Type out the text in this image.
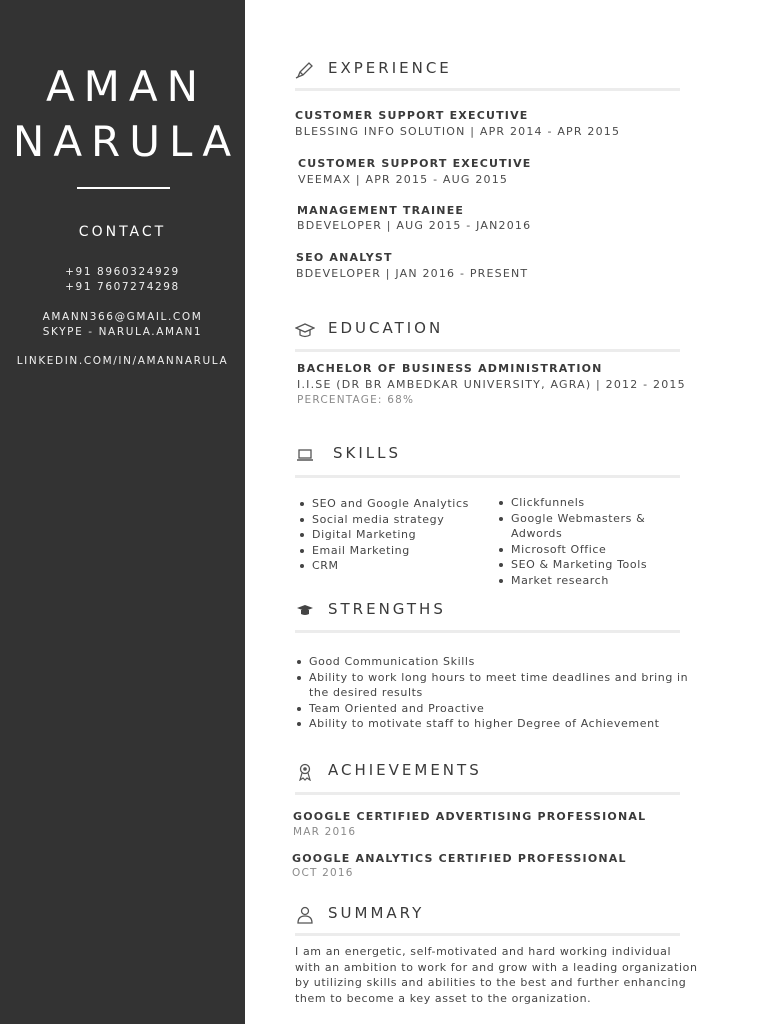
AMAN
NARULA
CONTACT
+91 8960324929
+91 7607274298
AMANN366@GMAIL.COM
SKYPE - NARULA.AMAN1
LINKEDIN.COM/IN/AMANNARULA
EXPERIENCE
CUSTOMER SUPPORT EXECUTIVE
BLESSING INFO SOLUTION | APR 2014 - APR 2015
CUSTOMER SUPPORT EXECUTIVE
VEEMAX | APR 2015 - AUG 2015
MANAGEMENT TRAINEE
BDEVELOPER | AUG 2015 - JAN2016
SEO ANALYST
BDEVELOPER | JAN 2016 - PRESENT
EDUCATION
BACHELOR OF BUSINESS ADMINISTRATION
I.I.SE (DR BR AMBEDKAR UNIVERSITY, AGRA) | 2012 - 2015
PERCENTAGE: 68%
SKILLS
SEO and Google Analytics
Social media strategy
Digital Marketing
Email Marketing
CRM
Clickfunnels
Google Webmasters & Adwords
Microsoft Office
SEO & Marketing Tools
Market research
STRENGTHS
Good Communication Skills
Ability to work long hours to meet time deadlines and bring in the desired results
Team Oriented and Proactive
Ability to motivate staff to higher Degree of Achievement
ACHIEVEMENTS
GOOGLE CERTIFIED ADVERTISING PROFESSIONAL
MAR 2016
GOOGLE ANALYTICS CERTIFIED PROFESSIONAL
OCT 2016
SUMMARY
I am an energetic, self-motivated and hard working individual with an ambition to work for and grow with a leading organization by utilizing skills and abilities to the best and further enhancing them to become a key asset to the organization.
